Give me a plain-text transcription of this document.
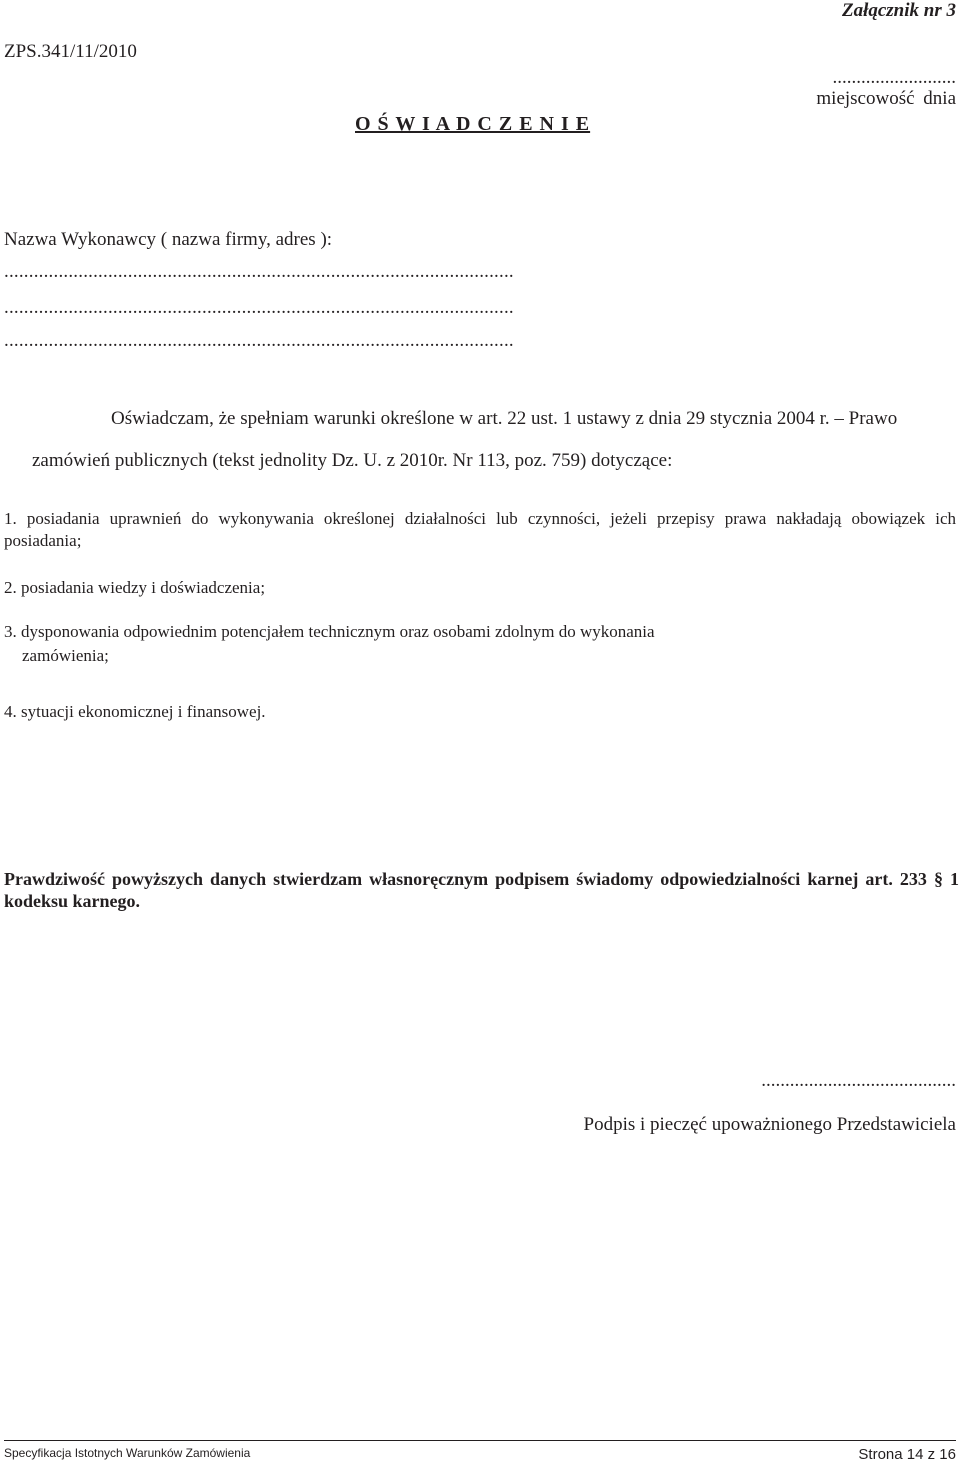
Załącznik nr 3
ZPS.341/11/2010
..........................
miejscowość dnia
O Ś W I A D C Z E N I E
Nazwa Wykonawcy ( nazwa firmy, adres ):
.......................................................................................................
.......................................................................................................
.......................................................................................................
Oświadczam, że spełniam warunki określone w art. 22 ust. 1 ustawy z dnia 29 stycznia 2004 r. – Prawo
zamówień publicznych (tekst jednolity Dz. U. z 2010r. Nr 113, poz. 759) dotyczące:
1. posiadania uprawnień do wykonywania określonej działalności lub czynności, jeżeli przepisy prawa nakładają obowiązek ich posiadania;
2. posiadania wiedzy i doświadczenia;
3. dysponowania odpowiednim potencjałem technicznym oraz osobami zdolnym do wykonania
zamówienia;
4. sytuacji ekonomicznej i finansowej.
Prawdziwość powyższych danych stwierdzam własnoręcznym podpisem świadomy odpowiedzialności karnej art. 233 § 1 kodeksu karnego.
.........................................
Podpis i pieczęć upoważnionego Przedstawiciela
Specyfikacja Istotnych Warunków Zamówienia	Strona 14 z 16
